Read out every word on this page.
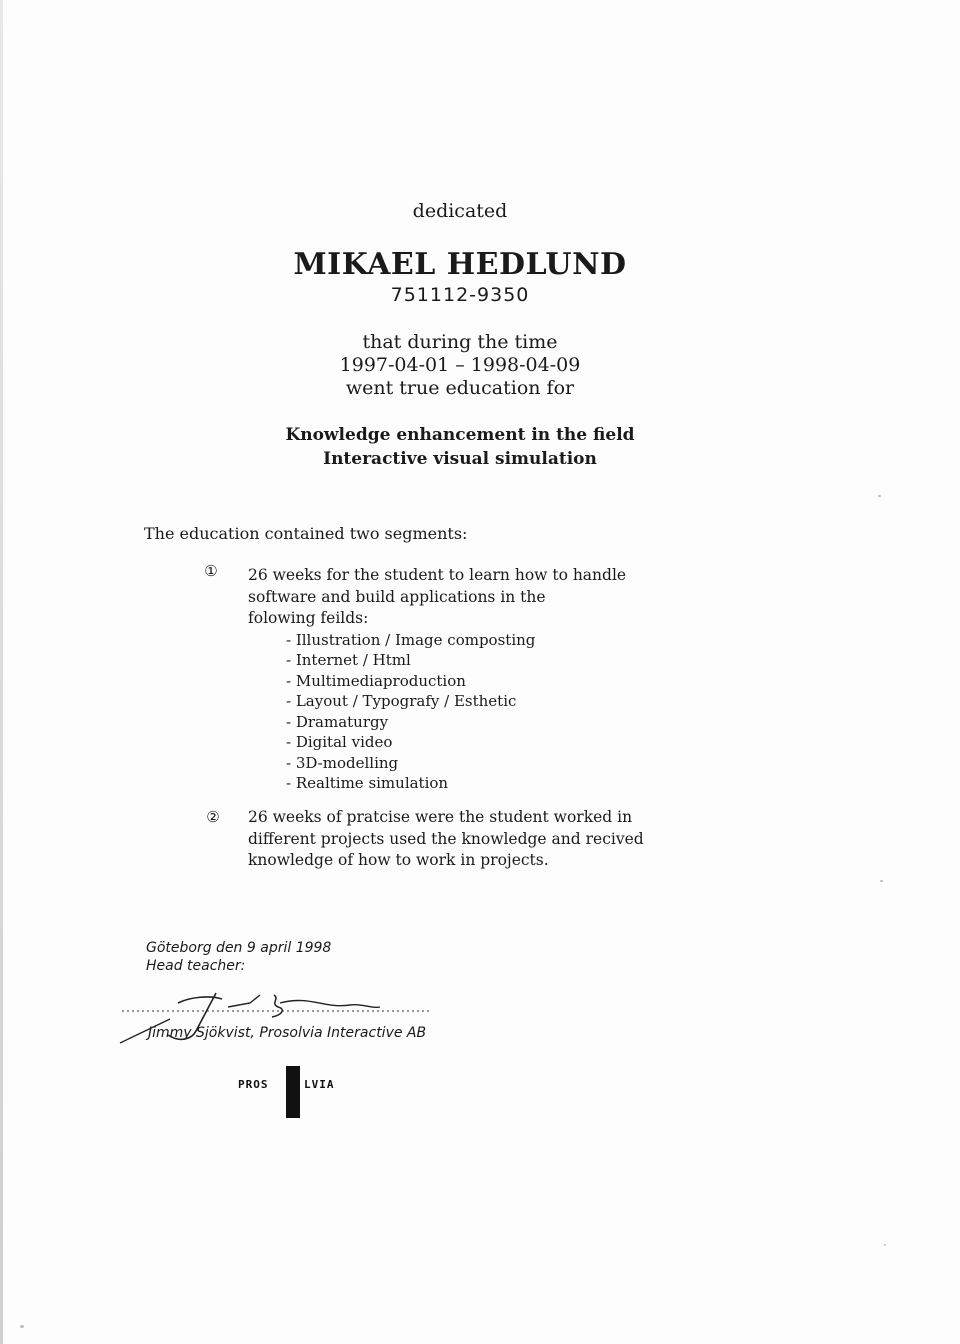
dedicated
MIKAEL HEDLUND
751112-9350
that during the time
1997-04-01 – 1998-04-09
went true education for
Knowledge enhancement in the field
Interactive visual simulation
The education contained two segments:
① 26 weeks for the student to learn how to handle

software and build applications in the

folowing feilds:

- Illustration / Image composting
- Internet / Html
- Multimediaproduction
- Layout / Typografy / Esthetic
- Dramaturgy
- Digital video
- 3D-modelling
- Realtime simulation
② 26 weeks of pratcise were the student worked in

different projects used the knowledge and recived

knowledge of how to work in projects.

Göteborg den 9 april 1998
Head teacher:
Jimmy Sjökvist, Prosolvia Interactive AB
PROS	LVIA
